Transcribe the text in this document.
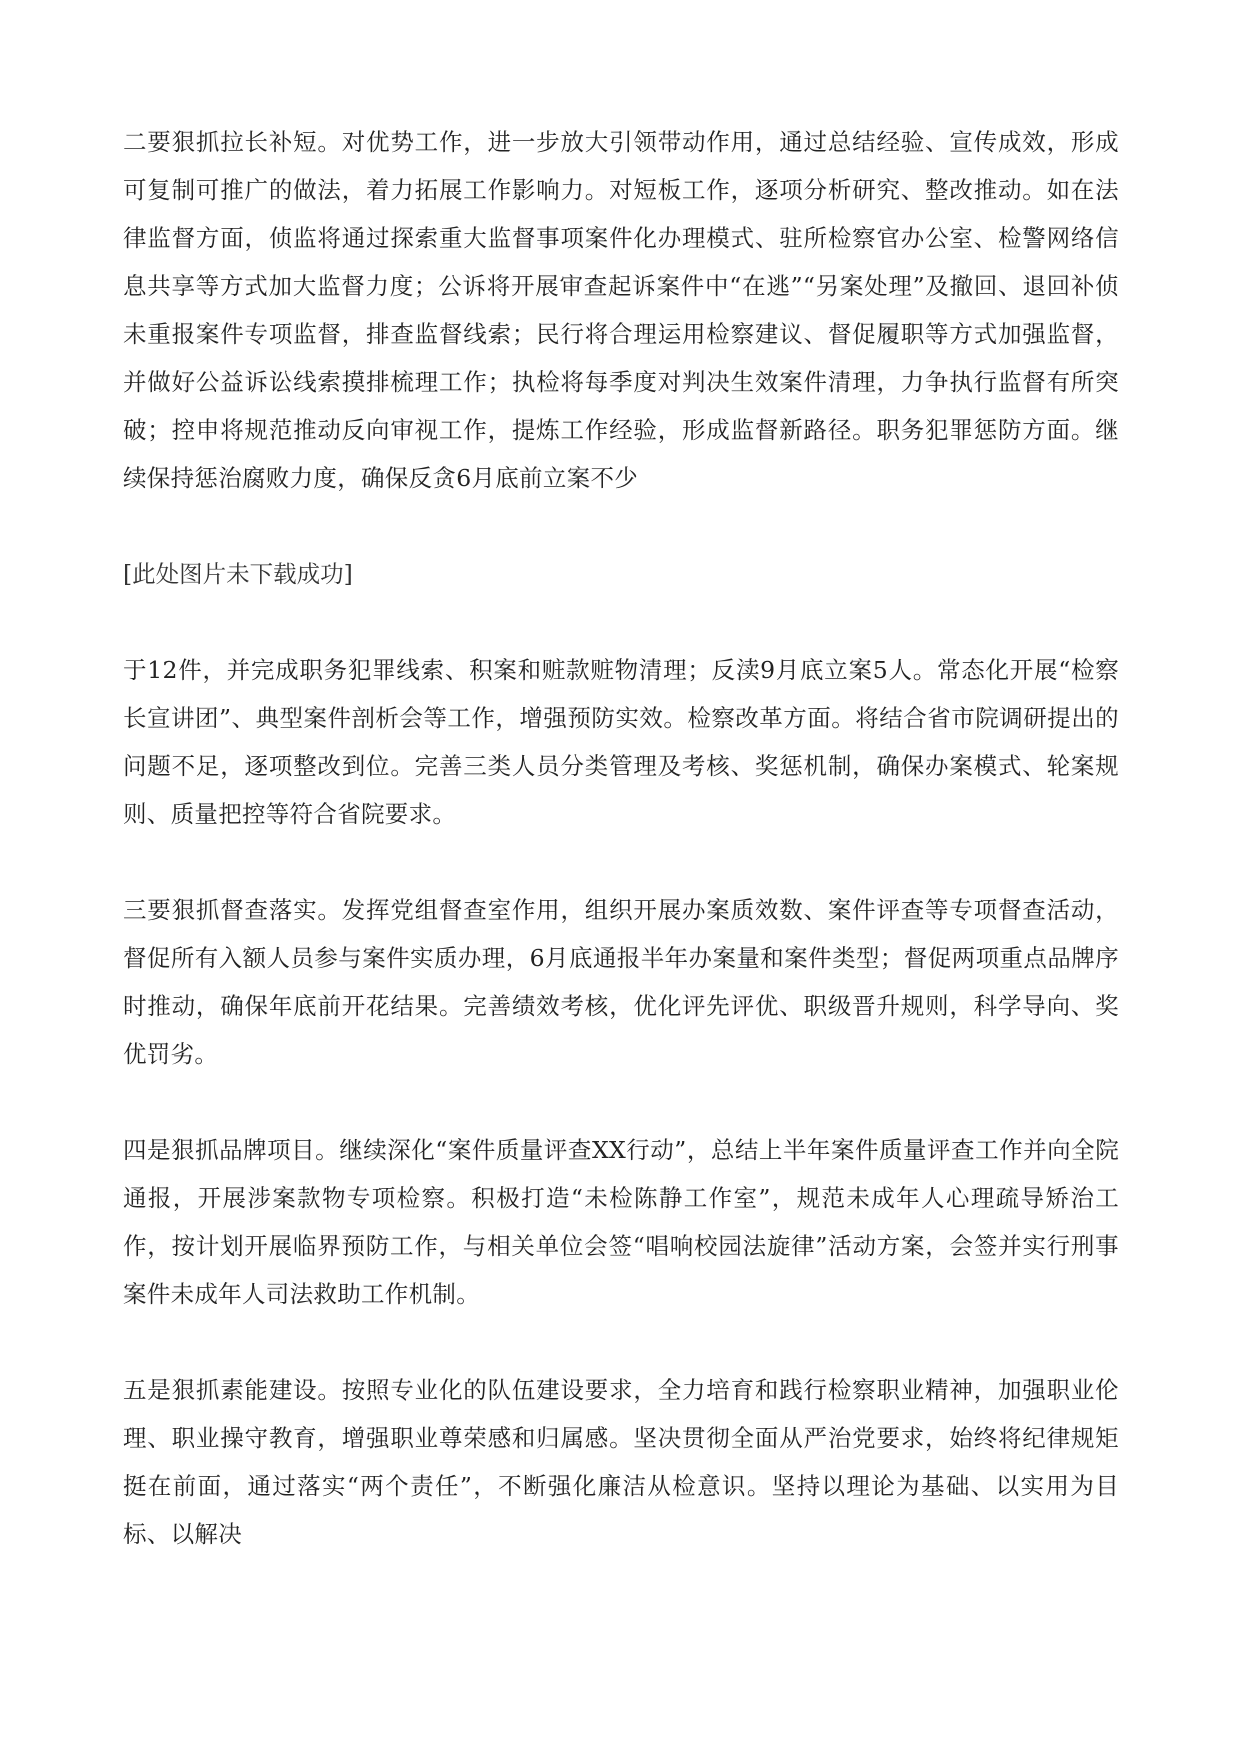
二要狠抓拉长补短。对优势工作，进一步放大引领带动作用，通过总结经验、宣传成效，形成可复制可推广的做法，着力拓展工作影响力。对短板工作，逐项分析研究、整改推动。如在法律监督方面，侦监将通过探索重大监督事项案件化办理模式、驻所检察官办公室、检警网络信息共享等方式加大监督力度；公诉将开展审查起诉案件中“在逃”“另案处理”及撤回、退回补侦未重报案件专项监督，排查监督线索；民行将合理运用检察建议、督促履职等方式加强监督，并做好公益诉讼线索摸排梳理工作；执检将每季度对判决生效案件清理，力争执行监督有所突破；控申将规范推动反向审视工作，提炼工作经验，形成监督新路径。职务犯罪惩防方面。继续保持惩治腐败力度，确保反贪6月底前立案不少

[此处图片未下载成功]

于12件，并完成职务犯罪线索、积案和赃款赃物清理；反渎9月底立案5人。常态化开展“检察长宣讲团”、典型案件剖析会等工作，增强预防实效。检察改革方面。将结合省市院调研提出的问题不足，逐项整改到位。完善三类人员分类管理及考核、奖惩机制，确保办案模式、轮案规则、质量把控等符合省院要求。

三要狠抓督查落实。发挥党组督查室作用，组织开展办案质效数、案件评查等专项督查活动，督促所有入额人员参与案件实质办理，6月底通报半年办案量和案件类型；督促两项重点品牌序时推动，确保年底前开花结果。完善绩效考核，优化评先评优、职级晋升规则，科学导向、奖优罚劣。

四是狠抓品牌项目。继续深化“案件质量评查XX行动”，总结上半年案件质量评查工作并向全院通报，开展涉案款物专项检察。积极打造“未检陈静工作室”，规范未成年人心理疏导矫治工作，按计划开展临界预防工作，与相关单位会签“唱响校园法旋律”活动方案，会签并实行刑事案件未成年人司法救助工作机制。

五是狠抓素能建设。按照专业化的队伍建设要求，全力培育和践行检察职业精神，加强职业伦理、职业操守教育，增强职业尊荣感和归属感。坚决贯彻全面从严治党要求，始终将纪律规矩挺在前面，通过落实“两个责任”，不断强化廉洁从检意识。坚持以理论为基础、以实用为目标、以解决
